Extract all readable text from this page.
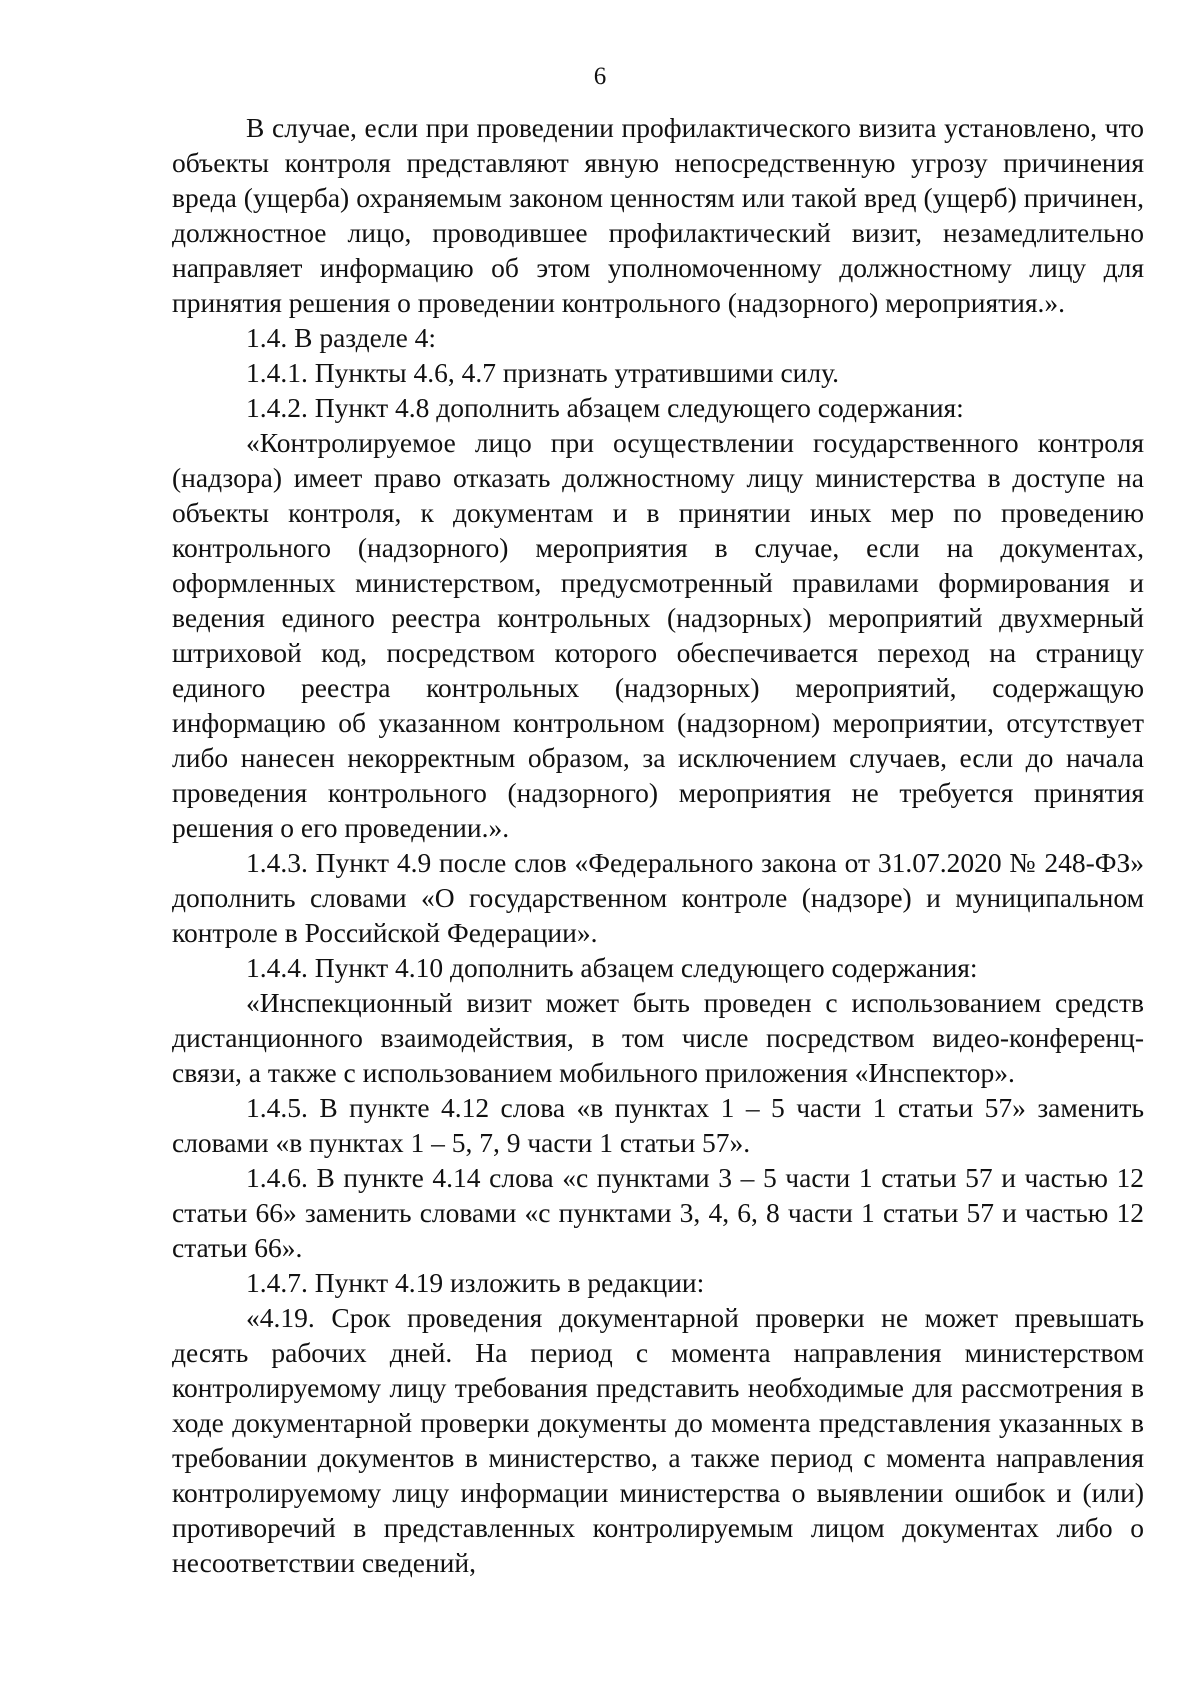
6

В случае, если при проведении профилактического визита установлено, что объекты контроля представляют явную непосредственную угрозу причинения вреда (ущерба) охраняемым законом ценностям или такой вред (ущерб) причинен, должностное лицо, проводившее профилактический визит, незамедлительно направляет информацию об этом уполномоченному должностному лицу для принятия решения о проведении контрольного (надзорного) мероприятия.».

1.4. В разделе 4:

1.4.1. Пункты 4.6, 4.7 признать утратившими силу.

1.4.2. Пункт 4.8 дополнить абзацем следующего содержания:

«Контролируемое лицо при осуществлении государственного контроля (надзора) имеет право отказать должностному лицу министерства в доступе на объекты контроля, к документам и в принятии иных мер по проведению контрольного (надзорного) мероприятия в случае, если на документах, оформленных министерством, предусмотренный правилами формирования и ведения единого реестра контрольных (надзорных) мероприятий двухмерный штриховой код, посредством которого обеспечивается переход на страницу единого реестра контрольных (надзорных) мероприятий, содержащую информацию об указанном контрольном (надзорном) мероприятии, отсутствует либо нанесен некорректным образом, за исключением случаев, если до начала проведения контрольного (надзорного) мероприятия не требуется принятия решения о его проведении.».

1.4.3. Пункт 4.9 после слов «Федерального закона от 31.07.2020 № 248-ФЗ» дополнить словами «О государственном контроле (надзоре) и муниципальном контроле в Российской Федерации».

1.4.4. Пункт 4.10 дополнить абзацем следующего содержания:

«Инспекционный визит может быть проведен с использованием средств дистанционного взаимодействия, в том числе посредством видео-конференц-связи, а также с использованием мобильного приложения «Инспектор».

1.4.5. В пункте 4.12 слова «в пунктах 1 – 5 части 1 статьи 57» заменить словами «в пунктах 1 – 5, 7, 9 части 1 статьи 57».

1.4.6. В пункте 4.14 слова «с пунктами 3 – 5 части 1 статьи 57 и частью 12 статьи 66» заменить словами «с пунктами 3, 4, 6, 8 части 1 статьи 57 и частью 12 статьи 66».

1.4.7. Пункт 4.19 изложить в редакции:

«4.19. Срок проведения документарной проверки не может превышать десять рабочих дней. На период с момента направления министерством контролируемому лицу требования представить необходимые для рассмотрения в ходе документарной проверки документы до момента представления указанных в требовании документов в министерство, а также период с момента направления контролируемому лицу информации министерства о выявлении ошибок и (или) противоречий в представленных контролируемым лицом документах либо о несоответствии сведений,
